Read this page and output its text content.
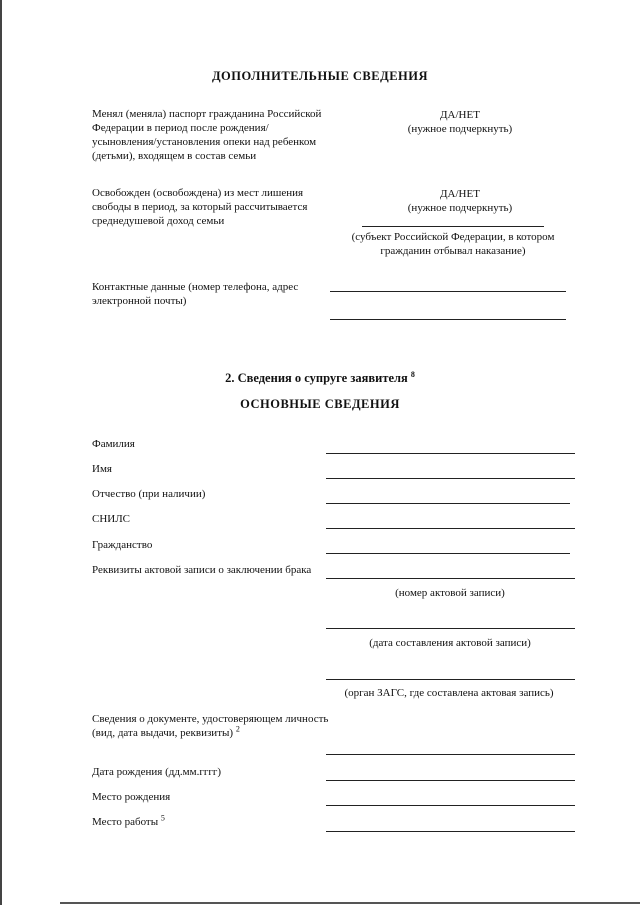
ДОПОЛНИТЕЛЬНЫЕ СВЕДЕНИЯ
Менял (меняла) паспорт гражданина Российской Федерации в период после рождения/усыновления/установления опеки над ребенком (детьми), входящем в состав семьи
ДА/НЕТ
(нужное подчеркнуть)
Освобожден (освобождена) из мест лишения свободы в период, за который рассчитывается среднедушевой доход семьи
ДА/НЕТ
(нужное подчеркнуть)
(субъект Российской Федерации, в котором гражданин отбывал наказание)
Контактные данные (номер телефона, адрес электронной почты)
2. Сведения о супруге заявителя $^8$
ОСНОВНЫЕ СВЕДЕНИЯ
Фамилия
Имя
Отчество (при наличии)
СНИЛС
Гражданство
Реквизиты актовой записи о заключении брака
(номер актовой записи)
(дата составления актовой записи)
(орган ЗАГС, где составлена актовая запись)
Сведения о документе, удостоверяющем личность
(вид, дата выдачи, реквизиты) $^2$
Дата рождения (дд.мм.гггг)
Место рождения
Место работы $^5$
